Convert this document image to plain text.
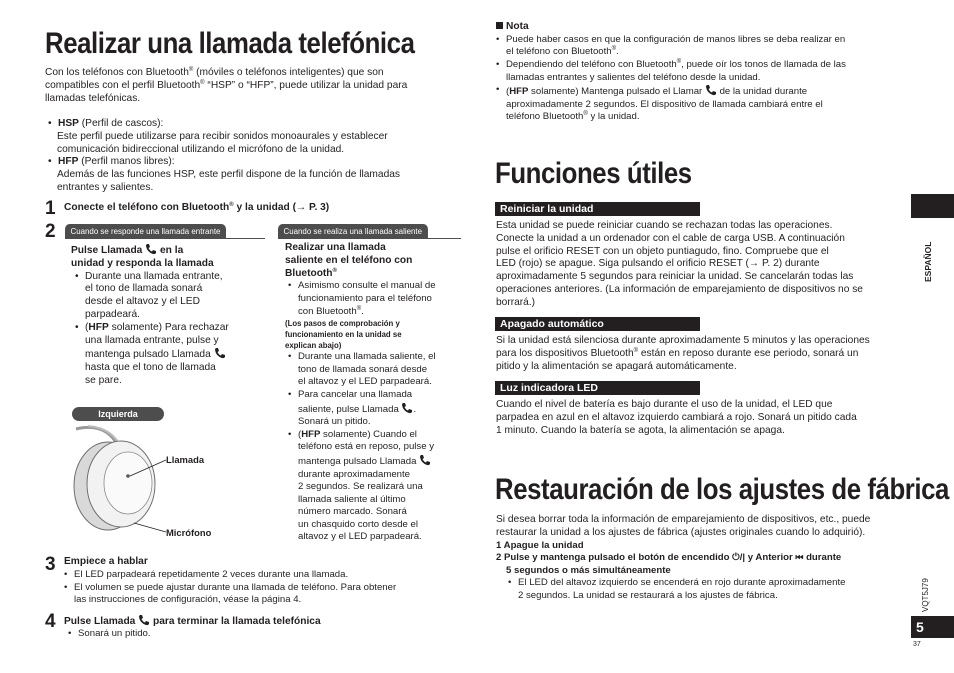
Realizar una llamada telefónica

Con los teléfonos con Bluetooth® (móviles o teléfonos inteligentes) que son

compatibles con el perfil Bluetooth® “HSP” o “HFP”, puede utilizar la unidad para

llamadas telefónicas.

• HSP (Perfil de cascos):

Este perfil puede utilizarse para recibir sonidos monoaurales y establecer

comunicación bidireccional utilizando el micrófono de la unidad.

• HFP (Perfil manos libres):

Además de las funciones HSP, este perfil dispone de la función de llamadas

entrantes y salientes.

1 Conecte el teléfono con Bluetooth® y la unidad (→ P. 3)
2	Cuando se responde una llamada entrante	Cuando se realiza una llamada saliente

Pulse Llamada  en la

unidad y responda la llamada

• Durante una llamada entrante,

el tono de llamada sonará

desde el altavoz y el LED

parpadeará.

• (HFP solamente) Para rechazar

una llamada entrante, pulse y

mantenga pulsado Llamada

hasta que el tono de llamada

se pare.

Izquierda
Llamada
Micrófono

Realizar una llamada

saliente en el teléfono con

Bluetooth®

• Asimismo consulte el manual de

funcionamiento para el teléfono

con Bluetooth®.

(Los pasos de comprobación y

funcionamiento en la unidad se

explican abajo)

• Durante una llamada saliente, el

tono de llamada sonará desde

el altavoz y el LED parpadeará.

• Para cancelar una llamada

saliente, pulse Llamada .

Sonará un pitido.

• (HFP solamente) Cuando el

teléfono está en reposo, pulse y

mantenga pulsado Llamada

durante aproximadamente

2 segundos. Se realizará una

llamada saliente al último

número marcado. Sonará

un chasquido corto desde el

altavoz y el LED parpadeará.

3 Empiece a hablar
• El LED parpadeará repetidamente 2 veces durante una llamada.
• El volumen se puede ajustar durante una llamada de teléfono. Para obtener

las instrucciones de configuración, véase la página 4.

4 Pulse Llamada  para terminar la llamada telefónica
• Sonará un pitido.

Nota

• Puede haber casos en que la configuración de manos libres se deba realizar en

el teléfono con Bluetooth®.

• Dependiendo del teléfono con Bluetooth®, puede oír los tonos de llamada de las

llamadas entrantes y salientes del teléfono desde la unidad.

• (HFP solamente) Mantenga pulsado el Llamar  de la unidad durante

aproximadamente 2 segundos. El dispositivo de llamada cambiará entre el

teléfono Bluetooth® y la unidad.

Funciones útiles
Reiniciar la unidad

Esta unidad se puede reiniciar cuando se rechazan todas las operaciones.

Conecte la unidad a un ordenador con el cable de carga USB. A continuación

pulse el orificio RESET con un objeto puntiagudo, fino. Compruebe que el

LED (rojo) se apague. Siga pulsando el orificio RESET (→ P. 2) durante

aproximadamente 5 segundos para reiniciar la unidad. Se cancelarán todas las

operaciones anteriores. (La información de emparejamiento de dispositivos no se

borrará.)

Apagado automático

Si la unidad está silenciosa durante aproximadamente 5 minutos y las operaciones

para los dispositivos Bluetooth® están en reposo durante ese periodo, sonará un

pitido y la alimentación se apagará automáticamente.

Luz indicadora LED

Cuando el nivel de batería es bajo durante el uso de la unidad, el LED que

parpadea en azul en el altavoz izquierdo cambiará a rojo. Sonará un pitido cada

1 minuto. Cuando la batería se agota, la alimentación se apaga.

Restauración de los ajustes de fábrica

Si desea borrar toda la información de emparejamiento de dispositivos, etc., puede

restaurar la unidad a los ajustes de fábrica (ajustes originales cuando lo adquirió).

1 Apague la unidad

2 Pulse y mantenga pulsado el botón de encendido ⏻/| y Anterior ⏮ durante

5 segundos o más simultáneamente

• El LED del altavoz izquierdo se encenderá en rojo durante aproximadamente

2 segundos. La unidad se restaurará a los ajustes de fábrica.

ESPAÑOL
VQT5J79
5
37
